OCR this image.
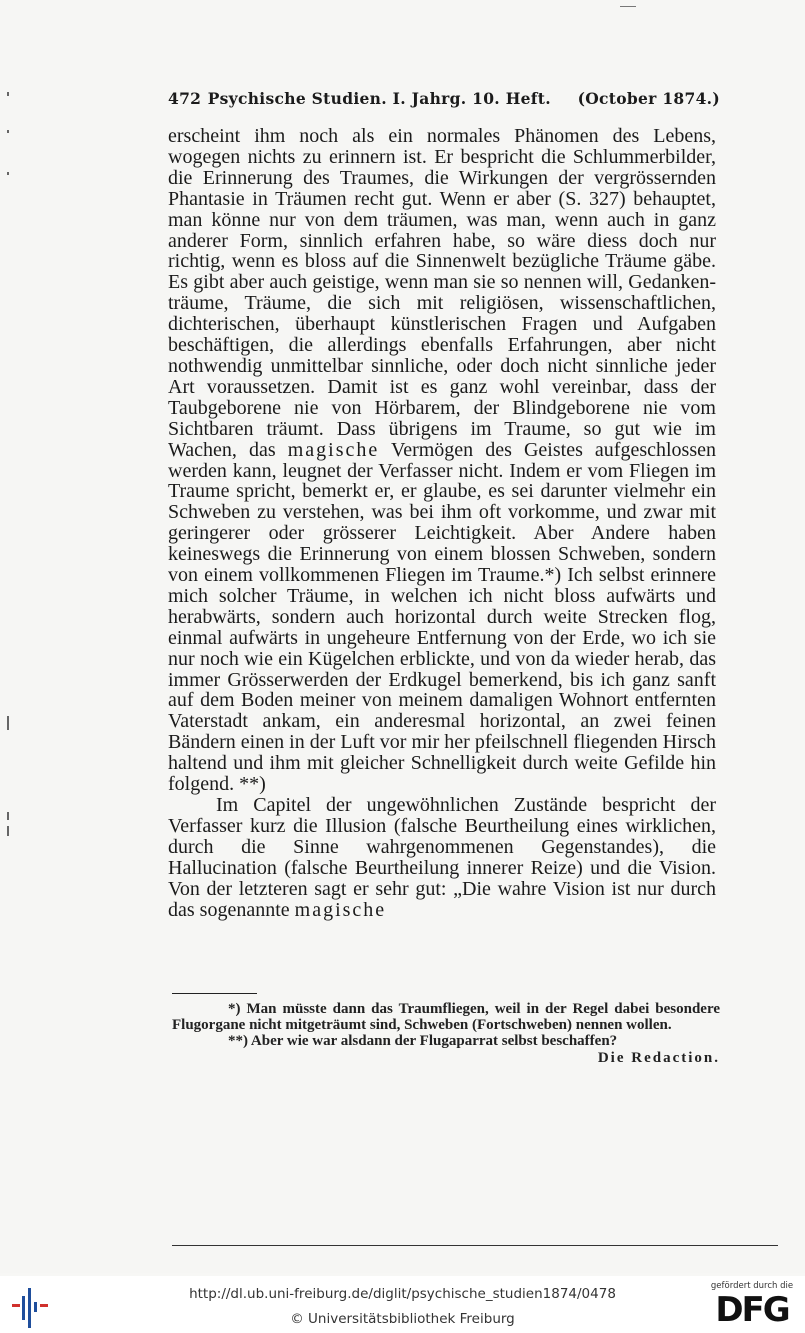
472 Psychische Studien. I. Jahrg. 10. Heft. (October 1874.)

erscheint ihm noch als ein normales Phänomen des Lebens, wogegen nichts zu erinnern ist. Er bespricht die Schlummerbilder, die Erinnerung des Traumes, die Wirkungen der vergrössernden Phantasie in Träumen recht gut. Wenn er aber (S. 327) behauptet, man könne nur von dem träumen, was man, wenn auch in ganz anderer Form, sinnlich erfahren habe, so wäre diess doch nur richtig, wenn es bloss auf die Sinnenwelt bezügliche Träume gäbe. Es gibt aber auch geistige, wenn man sie so nennen will, Gedankenträume, Träume, die sich mit religiösen, wissenschaftlichen, dichterischen, überhaupt künstlerischen Fragen und Aufgaben beschäftigen, die allerdings ebenfalls Erfahrungen, aber nicht nothwendig unmittelbar sinnliche, oder doch nicht sinnliche jeder Art voraussetzen. Damit ist es ganz wohl vereinbar, dass der Taubgeborene nie von Hörbarem, der Blindgeborene nie vom Sichtbaren träumt. Dass übrigens im Traume, so gut wie im Wachen, das magische Vermögen des Geistes aufgeschlossen werden kann, leugnet der Verfasser nicht. Indem er vom Fliegen im Traume spricht, bemerkt er, er glaube, es sei darunter vielmehr ein Schweben zu verstehen, was bei ihm oft vorkomme, und zwar mit geringerer oder grösserer Leichtigkeit. Aber Andere haben keineswegs die Erinnerung von einem blossen Schweben, sondern von einem vollkommenen Fliegen im Traume.*) Ich selbst erinnere mich solcher Träume, in welchen ich nicht bloss aufwärts und herabwärts, sondern auch horizontal durch weite Strecken flog, einmal aufwärts in ungeheure Entfernung von der Erde, wo ich sie nur noch wie ein Kügelchen erblickte, und von da wieder herab, das immer Grösserwerden der Erdkugel bemerkend, bis ich ganz sanft auf dem Boden meiner von meinem damaligen Wohnort entfernten Vaterstadt ankam, ein anderesmal horizontal, an zwei feinen Bändern einen in der Luft vor mir her pfeilschnell fliegenden Hirsch haltend und ihm mit gleicher Schnelligkeit durch weite Gefilde hin folgend. **)

Im Capitel der ungewöhnlichen Zustände bespricht der Verfasser kurz die Illusion (falsche Beurtheilung eines wirklichen, durch die Sinne wahrgenommenen Gegenstandes), die Hallucination (falsche Beurtheilung innerer Reize) und die Vision. Von der letzteren sagt er sehr gut: „Die wahre Vision ist nur durch das sogenannte magische

*) Man müsste dann das Traumfliegen, weil in der Regel dabei besondere Flugorgane nicht mitgeträumt sind, Schweben (Fortschweben) nennen wollen.

**) Aber wie war alsdann der Flugaparrat selbst beschaffen?

Die Redaction.

http://dl.ub.uni-freiburg.de/diglit/psychische_studien1874/0478
© Universitätsbibliothek Freiburg
gefördert durch die
DFG
